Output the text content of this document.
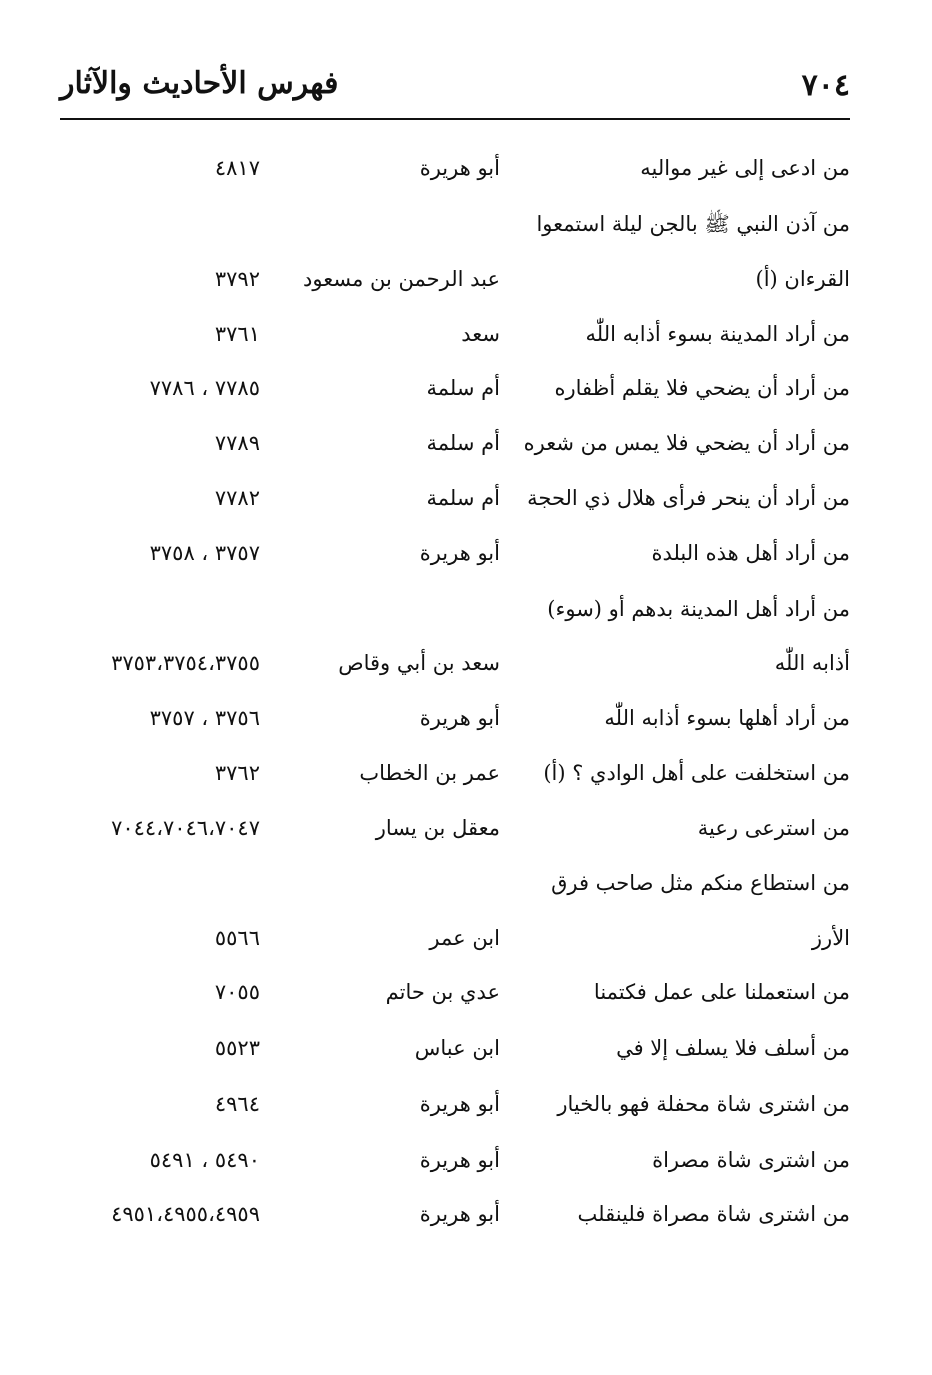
٧٠٤
فهرس الأحاديث والآثار
من ادعى إلى غير مواليه
أبو هريرة
٤٨١٧
من آذن النبي ﷺ بالجن ليلة استمعوا
القرءان (أ)
عبد الرحمن بن مسعود
٣٧٩٢
من أراد المدينة بسوء أذابه اللّٰه
سعد
٣٧٦١
من أراد أن يضحي فلا يقلم أظفاره
أم سلمة
٧٧٨٥ ، ٧٧٨٦
من أراد أن يضحي فلا يمس من شعره
أم سلمة
٧٧٨٩
من أراد أن ينحر فرأى هلال ذي الحجة
أم سلمة
٧٧٨٢
من أراد أهل هذه البلدة
أبو هريرة
٣٧٥٧ ، ٣٧٥٨
من أراد أهل المدينة بدهم أو (سوء)
أذابه اللّٰه
سعد بن أبي وقاص
٣٧٥٣،٣٧٥٤،٣٧٥٥
من أراد أهلها بسوء أذابه اللّٰه
أبو هريرة
٣٧٥٦ ، ٣٧٥٧
من استخلفت على أهل الوادي ؟ (أ)
عمر بن الخطاب
٣٧٦٢
من استرعى رعية
معقل بن يسار
٧٠٤٤،٧٠٤٦،٧٠٤٧
من استطاع منكم مثل صاحب فرق
الأرز
ابن عمر
٥٥٦٦
من استعملنا على عمل فكتمنا
عدي بن حاتم
٧٠٥٥
من أسلف فلا يسلف إلا في
ابن عباس
٥٥٢٣
من اشترى شاة محفلة فهو بالخيار
أبو هريرة
٤٩٦٤
من اشترى شاة مصراة
أبو هريرة
٥٤٩٠ ، ٥٤٩١
من اشترى شاة مصراة فلينقلب
أبو هريرة
٤٩٥١،٤٩٥٥،٤٩٥٩
